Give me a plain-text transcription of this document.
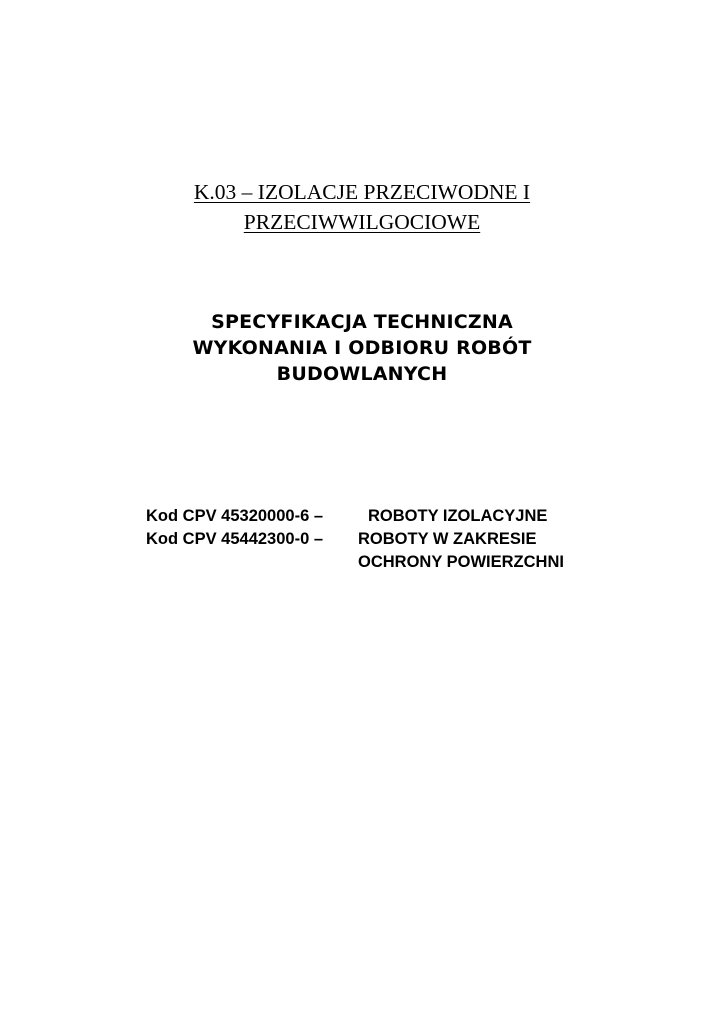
K.03 – IZOLACJE PRZECIWODNE I
PRZECIWWILGOCIOWE
SPECYFIKACJA TECHNICZNA
WYKONANIA I ODBIORU ROBÓT
BUDOWLANYCH
Kod CPV 45320000-6 –	ROBOTY IZOLACYJNE
Kod CPV 45442300-0 – ROBOTY W ZAKRESIE
OCHRONY POWIERZCHNI
